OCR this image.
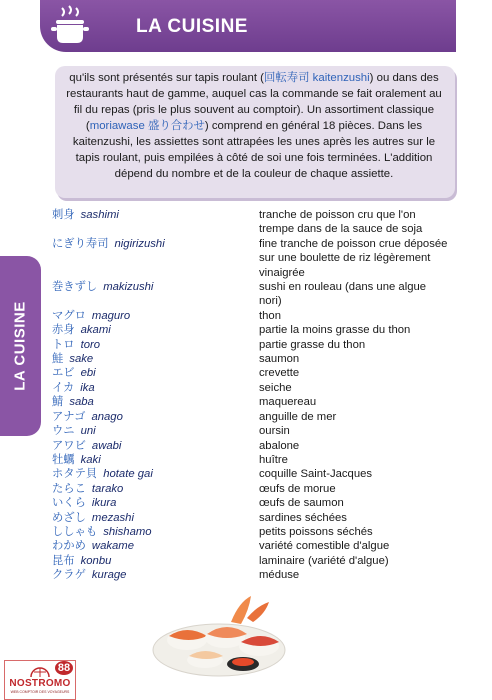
LA CUISINE
qu'ils sont présentés sur tapis roulant (回転寿司 kaitenzushi) ou dans des restaurants haut de gamme, auquel cas la commande se fait oralement au fil du repas (pris le plus souvent au comptoir). Un assortiment classique (moriawase 盛り合わせ) comprend en général 18 pièces. Dans les kaitenzushi, les assiettes sont attrapées les unes après les autres sur le tapis roulant, puis empilées à côté de soi une fois terminées. L'addition dépend du nombre et de la couleur de chaque assiette.
LA CUISINE
刺身 sashimi	tranche de poisson cru que l'on trempe dans de la sauce de soja
にぎり寿司 nigirizushi	fine tranche de poisson crue déposée sur une boulette de riz légèrement vinaigrée
巻きずし makizushi	sushi en rouleau (dans une algue nori)
マグロ maguro	thon
赤身 akami	partie la moins grasse du thon
トロ toro	partie grasse du thon
鮭 sake	saumon
エビ ebi	crevette
イカ ika	seiche
鯖 saba	maquereau
アナゴ anago	anguille de mer
ウニ uni	oursin
アワビ awabi	abalone
牡蠣 kaki	huître
ホタテ貝 hotate gai	coquille Saint-Jacques
たらこ tarako	œufs de morue
いくら ikura	œufs de saumon
めざし mezashi	sardines séchées
ししゃも shishamo	petits poissons séchés
わかめ wakame	variété comestible d'algue
昆布 konbu	laminaire (variété d'algue)
クラゲ kurage	méduse
NOSTROMO
WEB COMPTOIR DES VOYAGEURS
88
